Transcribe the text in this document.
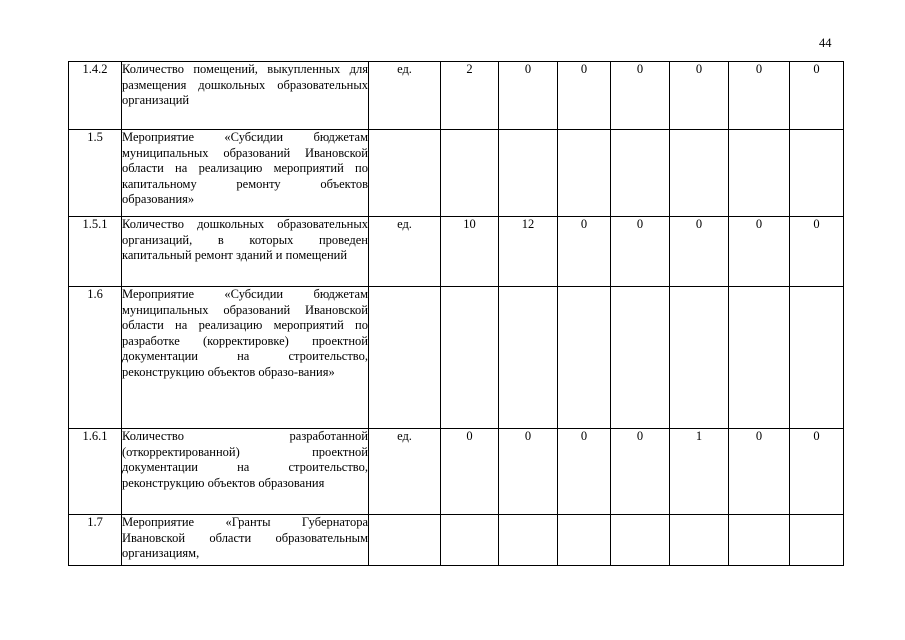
44
1.4.2	Количество помещений, выкупленных для размещения дошкольных образовательных организаций	ед.	2	0	0	0	0	0	0
1.5	Мероприятие «Субсидии бюджетам муниципальных образований Ивановской области на реализацию мероприятий по капитальному ремонту объектов образования»								
1.5.1	Количество дошкольных образовательных организаций, в которых проведен капитальный ремонт зданий и помещений	ед.	10	12	0	0	0	0	0
1.6	Мероприятие «Субсидии бюджетам муниципальных образований Ивановской области на реализацию мероприятий по разработке (корректировке) проектной документации на строительство, реконструкцию объектов образо-вания»								
1.6.1	Количество разработанной (откорректированной) проектной документации на строительство, реконструкцию объектов образования	ед.	0	0	0	0	1	0	0
1.7	Мероприятие «Гранты Губернатора Ивановской области образовательным организациям,								
